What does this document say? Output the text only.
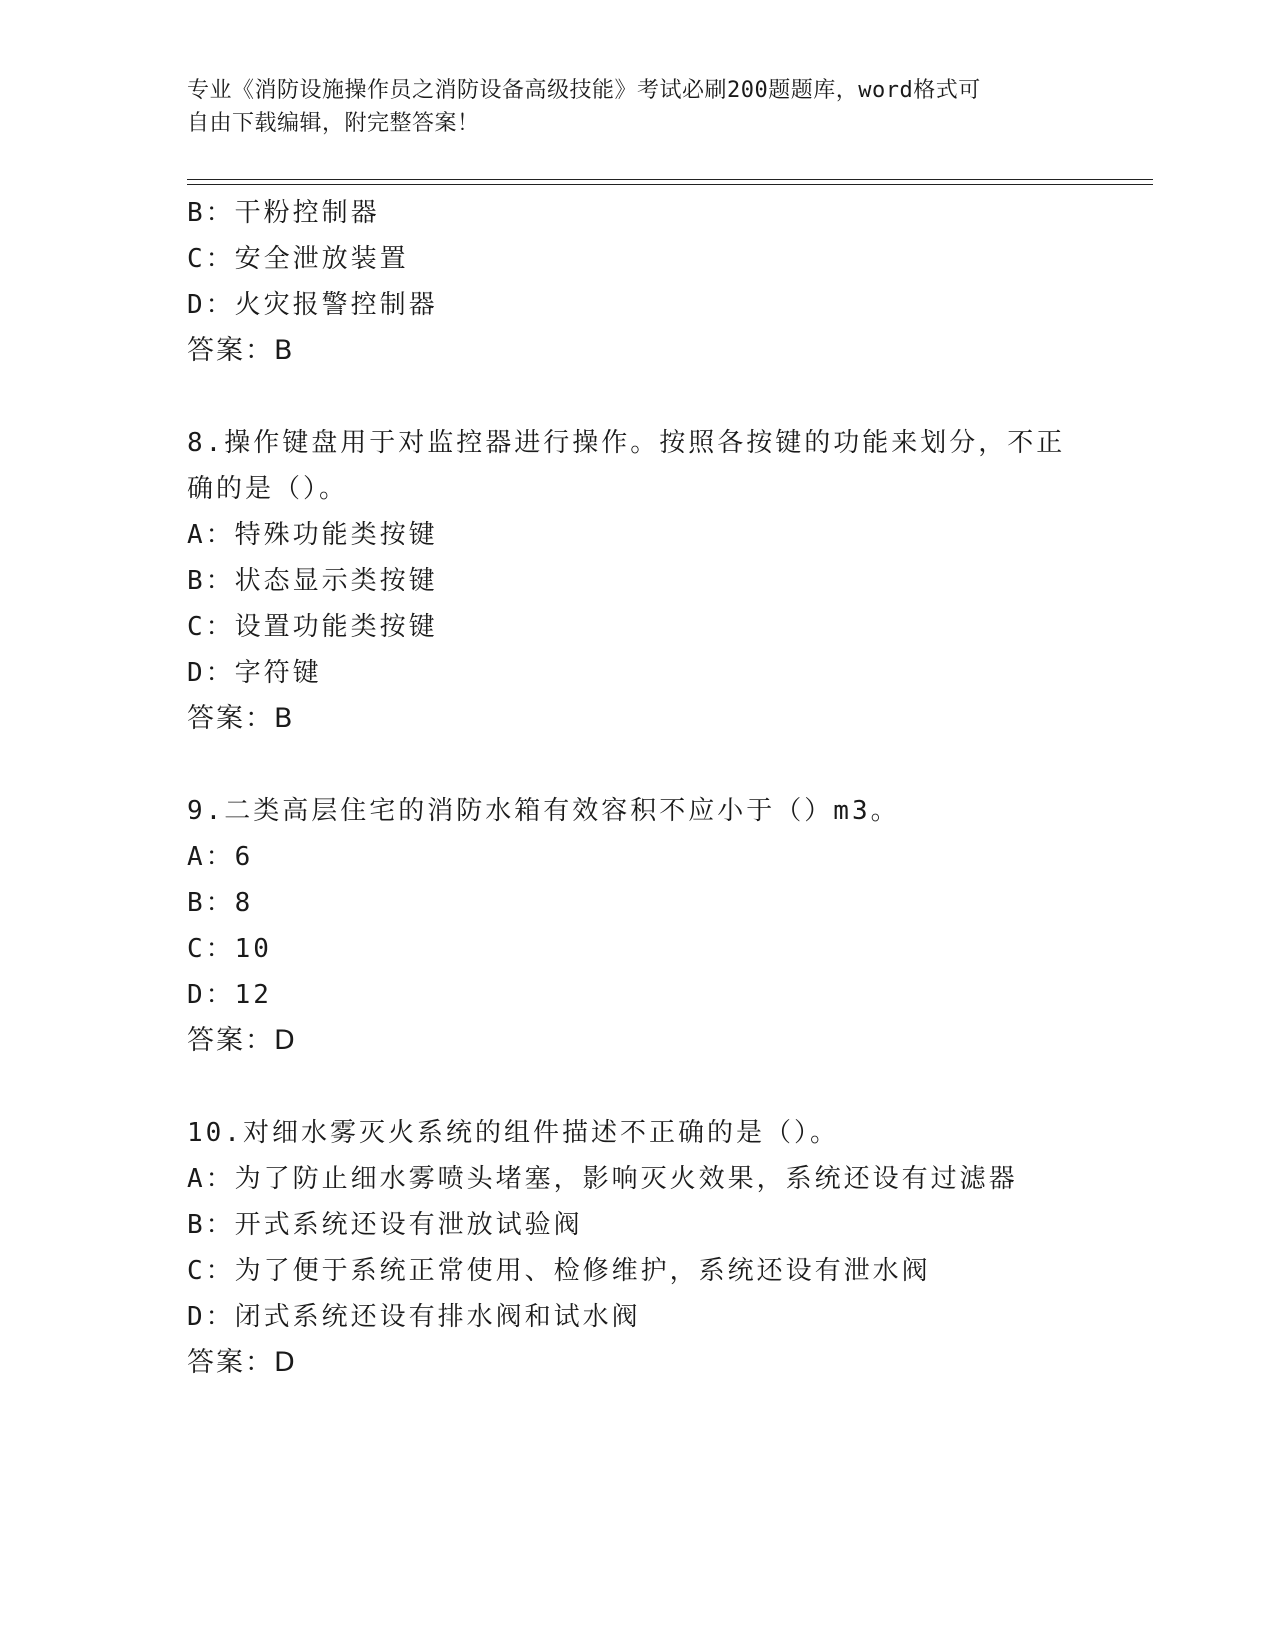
专业《消防设施操作员之消防设备高级技能》考试必刷200题题库，word格式可
自由下载编辑，附完整答案！
B：干粉控制器
C：安全泄放装置
D：火灾报警控制器
答案：B
8.操作键盘用于对监控器进行操作。按照各按键的功能来划分，不正
确的是（）。
A：特殊功能类按键
B：状态显示类按键
C：设置功能类按键
D：字符键
答案：B
9.二类高层住宅的消防水箱有效容积不应小于（）m3。
A：6
B：8
C：10
D：12
答案：D
10.对细水雾灭火系统的组件描述不正确的是（）。
A：为了防止细水雾喷头堵塞，影响灭火效果，系统还设有过滤器
B：开式系统还设有泄放试验阀
C：为了便于系统正常使用、检修维护，系统还设有泄水阀
D：闭式系统还设有排水阀和试水阀
答案：D
